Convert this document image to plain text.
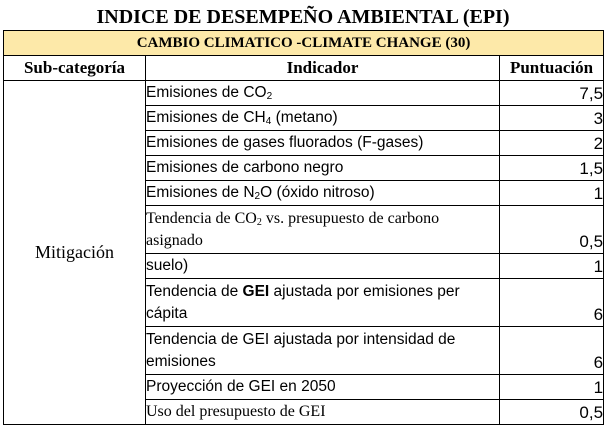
INDICE DE DESEMPEÑO AMBIENTAL (EPI)
CAMBIO CLIMATICO -CLIMATE CHANGE (30)		
Sub-categoría	Indicador	Puntuación
Mitigación	Emisiones de $CO_2$	7,5
	Emisiones de $CH_4$ (metano)	3
	Emisiones de gases fluorados (F-gases)	2
	Emisiones de carbono negro	1,5
	Emisiones de $N_2O$ (óxido nitroso)	1
	Tendencia de $CO_2$ vs. presupuesto de carbono asignado	0,5
	suelo)	1
	Tendencia de GEI ajustada por emisiones per cápita	6
	Tendencia de GEI ajustada por intensidad de emisiones	6
	Proyección de GEI en 2050	1
	Uso del presupuesto de GEI	0,5
